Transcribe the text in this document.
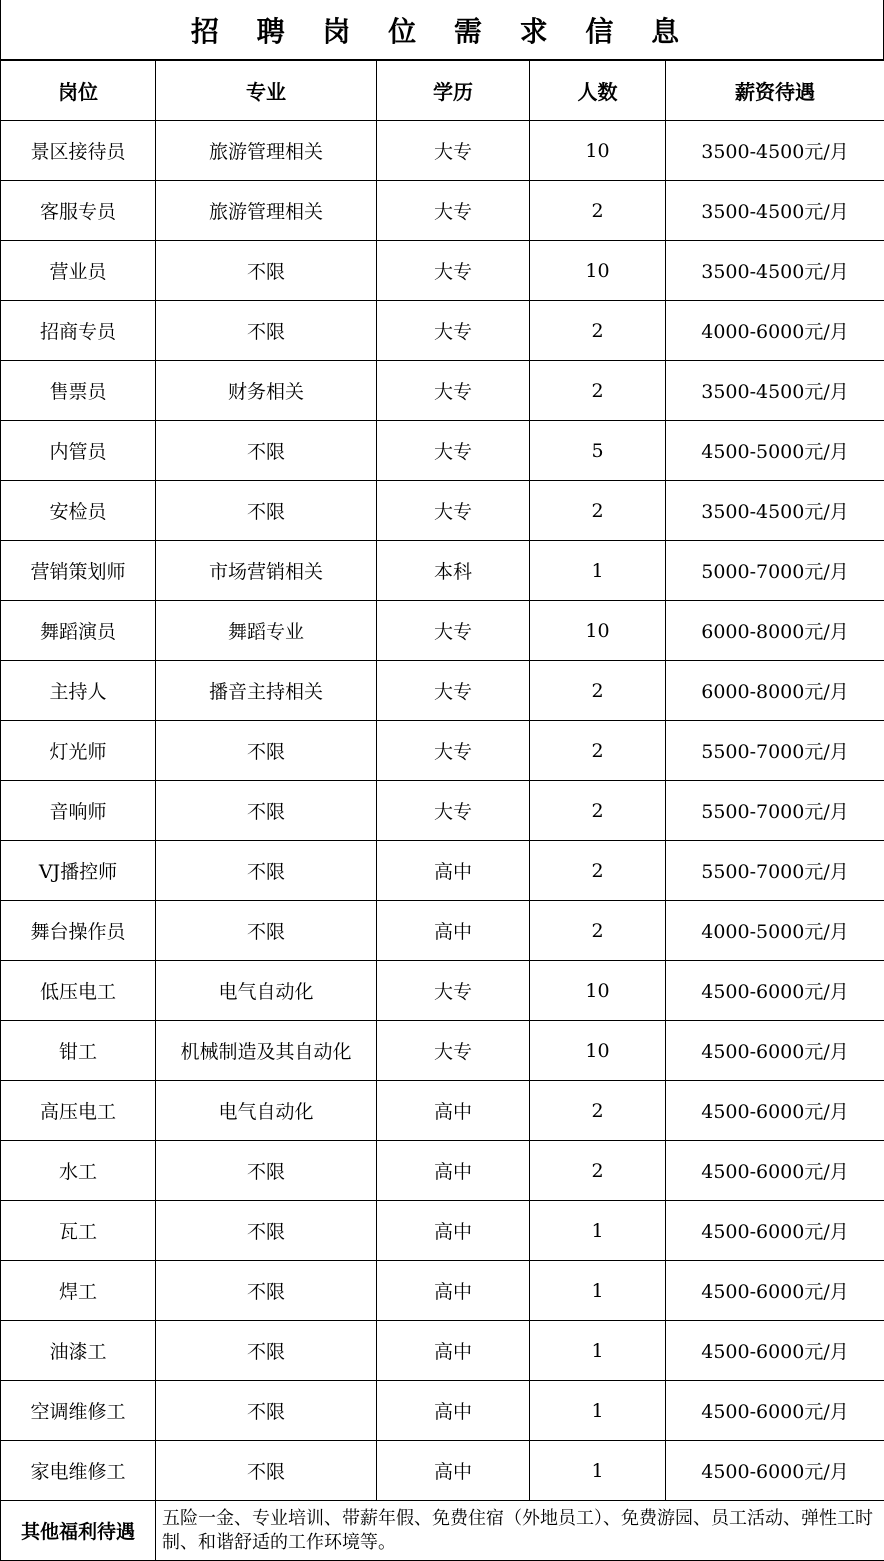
招 聘 岗 位 需 求 信 息
岗位	专业	学历	人数	薪资待遇
景区接待员	旅游管理相关	大专	10	3500-4500元/月
客服专员	旅游管理相关	大专	2	3500-4500元/月
营业员	不限	大专	10	3500-4500元/月
招商专员	不限	大专	2	4000-6000元/月
售票员	财务相关	大专	2	3500-4500元/月
内管员	不限	大专	5	4500-5000元/月
安检员	不限	大专	2	3500-4500元/月
营销策划师	市场营销相关	本科	1	5000-7000元/月
舞蹈演员	舞蹈专业	大专	10	6000-8000元/月
主持人	播音主持相关	大专	2	6000-8000元/月
灯光师	不限	大专	2	5500-7000元/月
音响师	不限	大专	2	5500-7000元/月
VJ播控师	不限	高中	2	5500-7000元/月
舞台操作员	不限	高中	2	4000-5000元/月
低压电工	电气自动化	大专	10	4500-6000元/月
钳工	机械制造及其自动化	大专	10	4500-6000元/月
高压电工	电气自动化	高中	2	4500-6000元/月
水工	不限	高中	2	4500-6000元/月
瓦工	不限	高中	1	4500-6000元/月
焊工	不限	高中	1	4500-6000元/月
油漆工	不限	高中	1	4500-6000元/月
空调维修工	不限	高中	1	4500-6000元/月
家电维修工	不限	高中	1	4500-6000元/月
其他福利待遇	五险一金、专业培训、带薪年假、免费住宿（外地员工）、免费游园、员工活动、弹性工时制、和谐舒适的工作环境等。			
